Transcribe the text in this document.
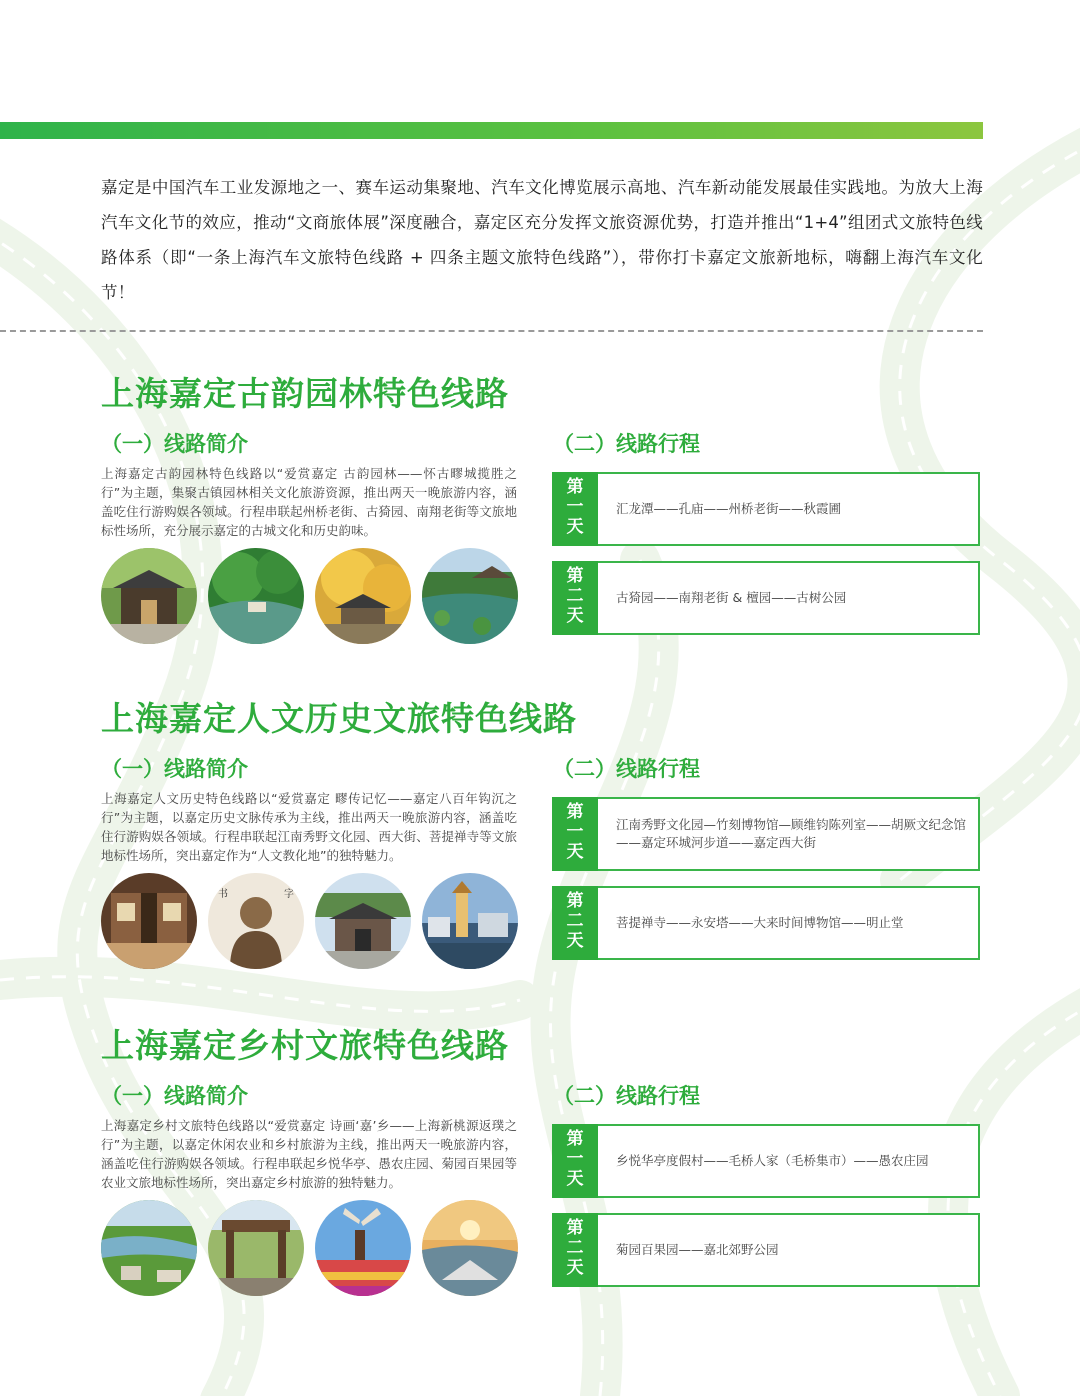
嘉定是中国汽车工业发源地之一、赛车运动集聚地、汽车文化博览展示高地、汽车新动能发展最佳实践地。为放大上海汽车文化节的效应，推动“文商旅体展”深度融合，嘉定区充分发挥文旅资源优势，打造并推出“1+4”组团式文旅特色线路体系（即“一条上海汽车文旅特色线路 + 四条主题文旅特色线路”），带你打卡嘉定文旅新地标，嗨翻上海汽车文化节！

上海嘉定古韵园林特色线路
（一）线路简介	（二）线路行程

上海嘉定古韵园林特色线路以“爱赏嘉定 古韵园林——怀古疁城揽胜之行”为主题，集聚古镇园林相关文化旅游资源，推出两天一晚旅游内容，涵盖吃住行游购娱各领域。行程串联起州桥老街、古猗园、南翔老街等文旅地标性场所，充分展示嘉定的古城文化和历史韵味。

第
一
天
汇龙潭——孔庙——州桥老街——秋霞圃
第
二
天
古猗园——南翔老街 & 檀园——古树公园
上海嘉定人文历史文旅特色线路
（一）线路简介	（二）线路行程

上海嘉定人文历史特色线路以“爱赏嘉定 疁传记忆——嘉定八百年钩沉之行”为主题，以嘉定历史文脉传承为主线，推出两天一晚旅游内容，涵盖吃住行游购娱各领域。行程串联起江南秀野文化园、西大街、菩提禅寺等文旅地标性场所，突出嘉定作为“人文教化地”的独特魅力。

书	字
第
一
天
江南秀野文化园—竹刻博物馆—顾维钧陈列室——胡厥文纪念馆——嘉定环城河步道——嘉定西大街
第
二
天
菩提禅寺——永安塔——大来时间博物馆——明止堂
上海嘉定乡村文旅特色线路
（一）线路简介	（二）线路行程

上海嘉定乡村文旅特色线路以“爱赏嘉定 诗画‘嘉’乡——上海新桃源返璞之行”为主题，以嘉定休闲农业和乡村旅游为主线，推出两天一晚旅游内容，涵盖吃住行游购娱各领域。行程串联起乡悦华亭、愚农庄园、菊园百果园等农业文旅地标性场所，突出嘉定乡村旅游的独特魅力。

第
一
天
乡悦华亭度假村——毛桥人家（毛桥集市）——愚农庄园
第
二
天
菊园百果园——嘉北郊野公园
